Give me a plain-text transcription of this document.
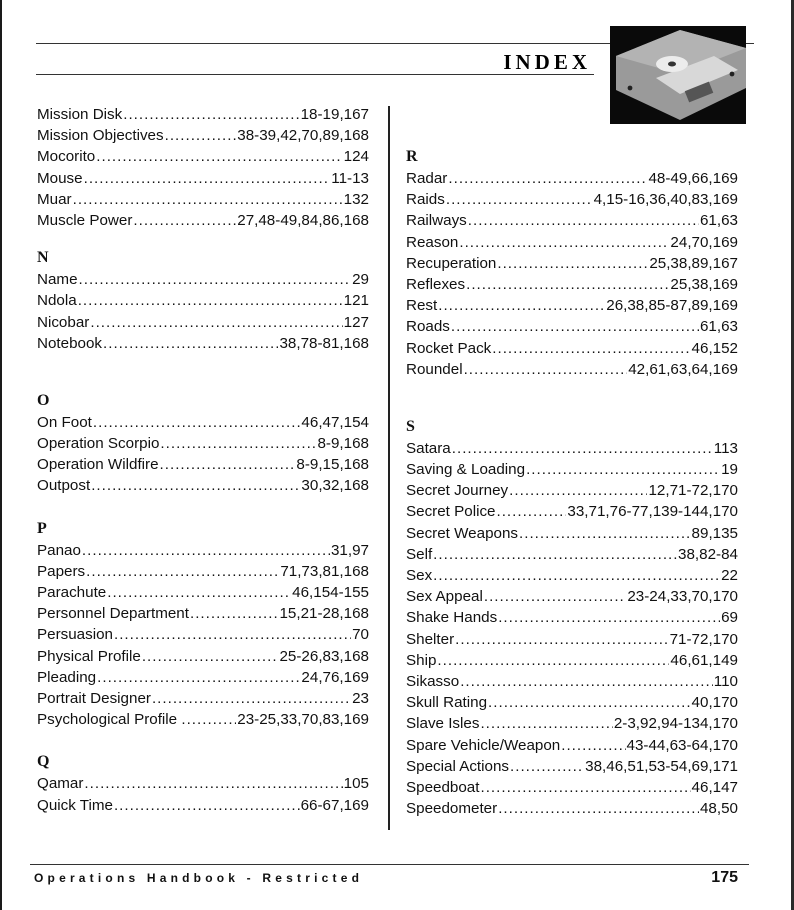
INDEX
Mission Disk .....	18-19,167
Mission Objectives .....	38-39,42,70,89,168
Mocorito .....	124
Mouse .....	11-13
Muar .....	132
Muscle Power .....	27,48-49,84,86,168
N
Name .....	29
Ndola .....	121
Nicobar .....	127
Notebook .....	38,78-81,168
O
On Foot .....	46,47,154
Operation Scorpio .....	8-9,168
Operation Wildfire .....	8-9,15,168
Outpost .....	30,32,168
P
Panao .....	31,97
Papers .....	71,73,81,168
Parachute .....	46,154-155
Personnel Department .....	15,21-28,168
Persuasion .....	70
Physical Profile .....	25-26,83,168
Pleading .....	24,76,169
Portrait Designer .....	23
Psychological Profile . .....	23-25,33,70,83,169
Q
Qamar .....	105
Quick Time .....	66-67,169
R
Radar .....	48-49,66,169
Raids .....	4,15-16,36,40,83,169
Railways .....	61,63
Reason .....	24,70,169
Recuperation .....	25,38,89,167
Reflexes .....	25,38,169
Rest .....	26,38,85-87,89,169
Roads .....	61,63
Rocket Pack .....	46,152
Roundel .....	42,61,63,64,169
S
Satara .....	113
Saving & Loading .....	19
Secret Journey .....	12,71-72,170
Secret Police .....	33,71,76-77,139-144,170
Secret Weapons .....	89,135
Self .....	38,82-84
Sex .....	22
Sex Appeal .....	23-24,33,70,170
Shake Hands .....	69
Shelter .....	71-72,170
Ship .....	46,61,149
Sikasso .....	110
Skull Rating .....	40,170
Slave Isles .....	2-3,92,94-134,170
Spare Vehicle/Weapon .....	43-44,63-64,170
Special Actions .....	38,46,51,53-54,69,171
Speedboat .....	46,147
Speedometer .....	48,50
Operations Handbook - Restricted	175
